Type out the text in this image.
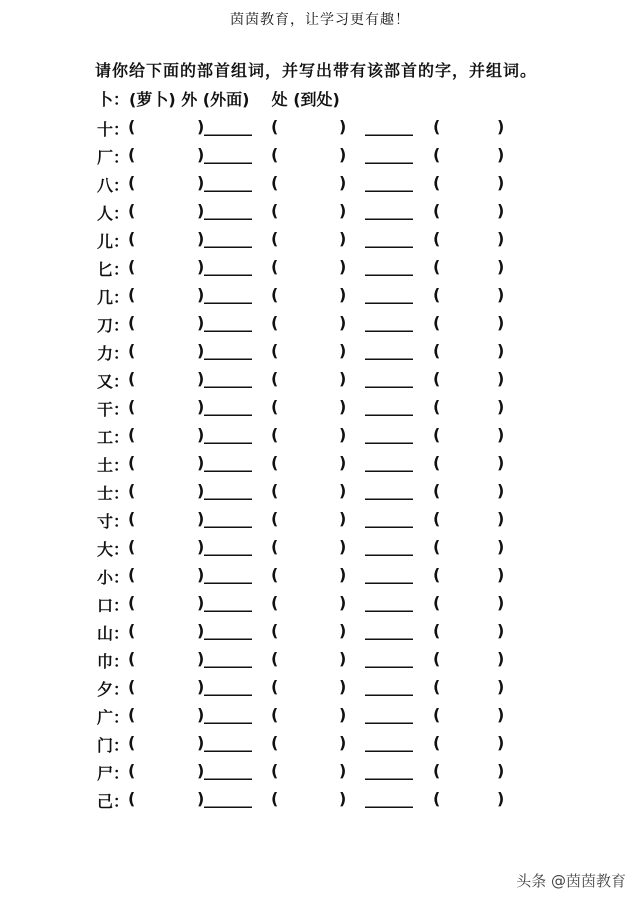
茵茵教育，让学习更有趣！
请你给下面的部首组词，并写出带有该部首的字，并组词。
卜：(萝卜) 外 (外面)    处 (到处)
十 ：
(	) ______ (	) ______ (	)
厂 ：
(	) ______ (	) ______ (	)
八 ：
(	) ______ (	) ______ (	)
人 ：
(	) ______ (	) ______ (	)
儿 ：
(	) ______ (	) ______ (	)
匕 ：
(	) ______ (	) ______ (	)
几 ：
(	) ______ (	) ______ (	)
刀 ：
(	) ______ (	) ______ (	)
力 ：
(	) ______ (	) ______ (	)
又 ：
(	) ______ (	) ______ (	)
干 ：
(	) ______ (	) ______ (	)
工 ：
(	) ______ (	) ______ (	)
土 ：
(	) ______ (	) ______ (	)
士 ：
(	) ______ (	) ______ (	)
寸 ：
(	) ______ (	) ______ (	)
大 ：
(	) ______ (	) ______ (	)
小 ：
(	) ______ (	) ______ (	)
口 ：
(	) ______ (	) ______ (	)
山 ：
(	) ______ (	) ______ (	)
巾 ：
(	) ______ (	) ______ (	)
夕 ：
(	) ______ (	) ______ (	)
广 ：
(	) ______ (	) ______ (	)
门 ：
(	) ______ (	) ______ (	)
尸 ：
(	) ______ (	) ______ (	)
己 ：
(	) ______ (	) ______ (	)
头条 @茵茵教育
